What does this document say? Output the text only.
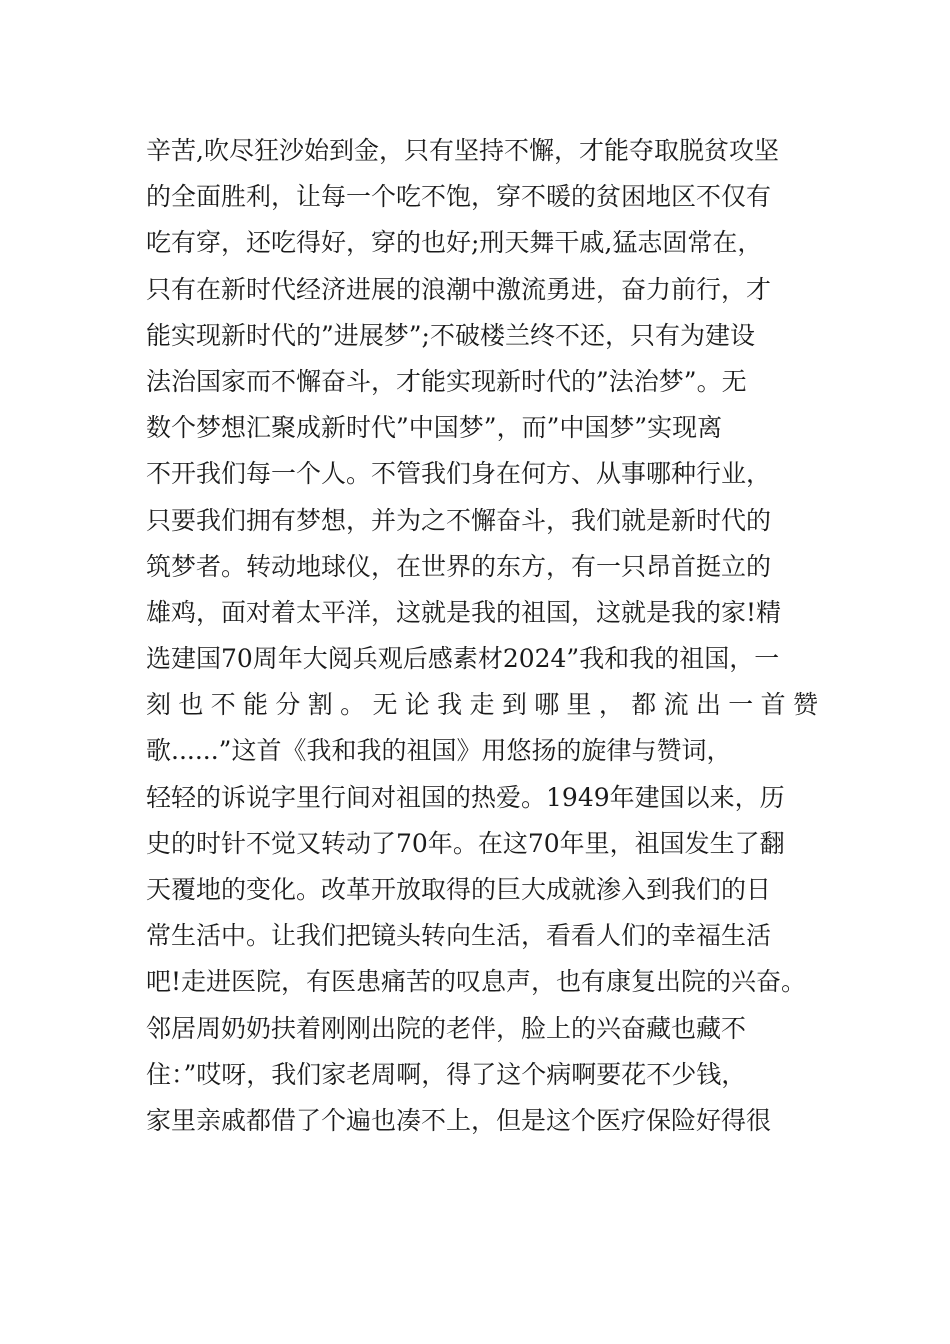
辛苦,吹尽狂沙始到金，只有坚持不懈，才能夺取脱贫攻坚
的全面胜利，让每一个吃不饱，穿不暖的贫困地区不仅有
吃有穿，还吃得好，穿的也好;刑天舞干戚,猛志固常在，
只有在新时代经济进展的浪潮中激流勇进，奋力前行，才
能实现新时代的”进展梦”;不破楼兰终不还，只有为建设
法治国家而不懈奋斗，才能实现新时代的”法治梦”。无
数个梦想汇聚成新时代”中国梦”，而”中国梦”实现离
不开我们每一个人。不管我们身在何方、从事哪种行业，
只要我们拥有梦想，并为之不懈奋斗，我们就是新时代的
筑梦者。转动地球仪，在世界的东方，有一只昂首挺立的
雄鸡，面对着太平洋，这就是我的祖国，这就是我的家!精
选建国70周年大阅兵观后感素材2024”我和我的祖国，一
刻也不能分割。无论我走到哪里，都流出一首赞
歌......”这首《我和我的祖国》用悠扬的旋律与赞词，
轻轻的诉说字里行间对祖国的热爱。1949年建国以来，历
史的时针不觉又转动了70年。在这70年里，祖国发生了翻
天覆地的变化。改革开放取得的巨大成就渗入到我们的日
常生活中。让我们把镜头转向生活，看看人们的幸福生活
吧!走进医院，有医患痛苦的叹息声，也有康复出院的兴奋。
邻居周奶奶扶着刚刚出院的老伴，脸上的兴奋藏也藏不
住：”哎呀，我们家老周啊，得了这个病啊要花不少钱，
家里亲戚都借了个遍也凑不上，但是这个医疗保险好得很
